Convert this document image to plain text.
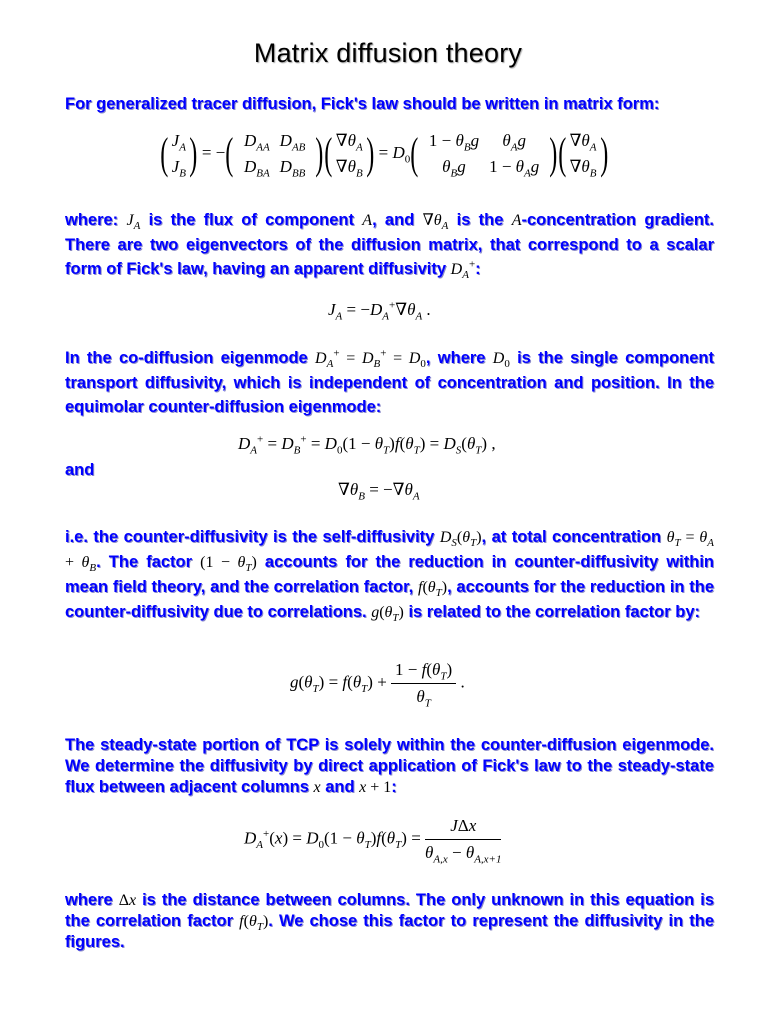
Matrix diffusion theory
For generalized tracer diffusion, Fick's law should be written in matrix form:
( $J_A$
$J_B$ ) = −( $D_{AA}$	$D_{AB}$
$D_{BA}$	$D_{BB}$ )( $\nabla\theta_A$
$\nabla\theta_B$ ) = $D_0$( $1 - \theta_Bg$	$\theta_Ag$
$\theta_Bg$	$1 - \theta_Ag$ )( $\nabla\theta_A$
$\nabla\theta_B$ )
where: $J_A$ is the flux of component A, and $\nabla\theta_A$ is the A-concentration gradient. There are two eigenvectors of the diffusion matrix, that correspond to a scalar form of Fick's law, having an apparent diffusivity $D_A^+$:
$J_A = -D_A^+\nabla\theta_A$ .
In the co-diffusion eigenmode $D_A^+ = D_B^+ = D_0$, where $D_0$ is the single component transport diffusivity, which is independent of concentration and position. In the equimolar counter-diffusion eigenmode:
$D_A^+ = D_B^+ = D_0(1 - \theta_T)f(\theta_T) = D_S(\theta_T)$ ,
and
$\nabla\theta_B = -\nabla\theta_A$
i.e. the counter-diffusivity is the self-diffusivity $D_S(\theta_T)$, at total concentration $\theta_T = \theta_A + \theta_B$. The factor $(1 - \theta_T)$ accounts for the reduction in counter-diffusivity within mean field theory, and the correlation factor, $f(\theta_T)$, accounts for the reduction in the counter-diffusivity due to correlations. $g(\theta_T)$ is related to the correlation factor by:
$g(\theta_T) = f(\theta_T) + \frac{1 - f(\theta_T)}{\theta_T}$ .
The steady-state portion of TCP is solely within the counter-diffusion eigenmode. We determine the diffusivity by direct application of Fick's law to the steady-state flux between adjacent columns x and x + 1:
$D_A^+(x) = D_0(1 - \theta_T)f(\theta_T) = \frac{\text{JΔx}}{\theta_{A,x} - \theta_{A,x+1}}$
where Δx is the distance between columns. The only unknown in this equation is the correlation factor $f(\theta_T)$. We chose this factor to represent the diffusivity in the figures.
